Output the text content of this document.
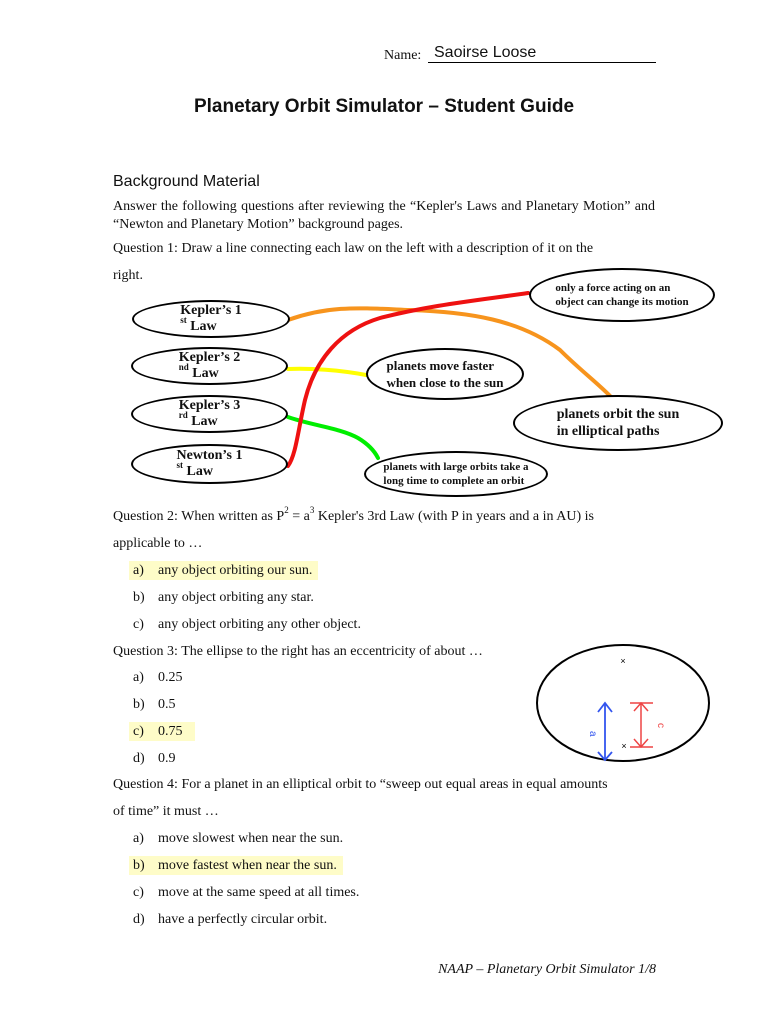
Name: Saoirse Loose
Planetary Orbit Simulator – Student Guide
Background Material
Answer the following questions after reviewing the “Kepler's Laws and Planetary Motion” and “Newton and Planetary Motion” background pages.
Question 1: Draw a line connecting each law on the left with a description of it on the
right.
Kepler’s 1
$^{st}$ Law
Kepler’s 2
$^{nd}$ Law
Kepler’s 3
$^{rd}$ Law
Newton’s 1
$^{st}$ Law
only a force acting on an
object can change its motion
planets move faster
when close to the sun
planets orbit the sun
in elliptical paths
planets with large orbits take a
long time to complete an orbit
Question 2: When written as $P^2 = a^3$ Kepler's 3rd Law (with P in years and a in AU) is
applicable to …
a) any object orbiting our sun.
b) any object orbiting any star.
c) any object orbiting any other object.
Question 3: The ellipse to the right has an eccentricity of about …
a) 0.25
b) 0.5
c) 0.75
d) 0.9
×
×
a
c
Question 4: For a planet in an elliptical orbit to “sweep out equal areas in equal amounts
of time” it must …
a) move slowest when near the sun.
b) move fastest when near the sun.
c) move at the same speed at all times.
d) have a perfectly circular orbit.
NAAP – Planetary Orbit Simulator 1/8
